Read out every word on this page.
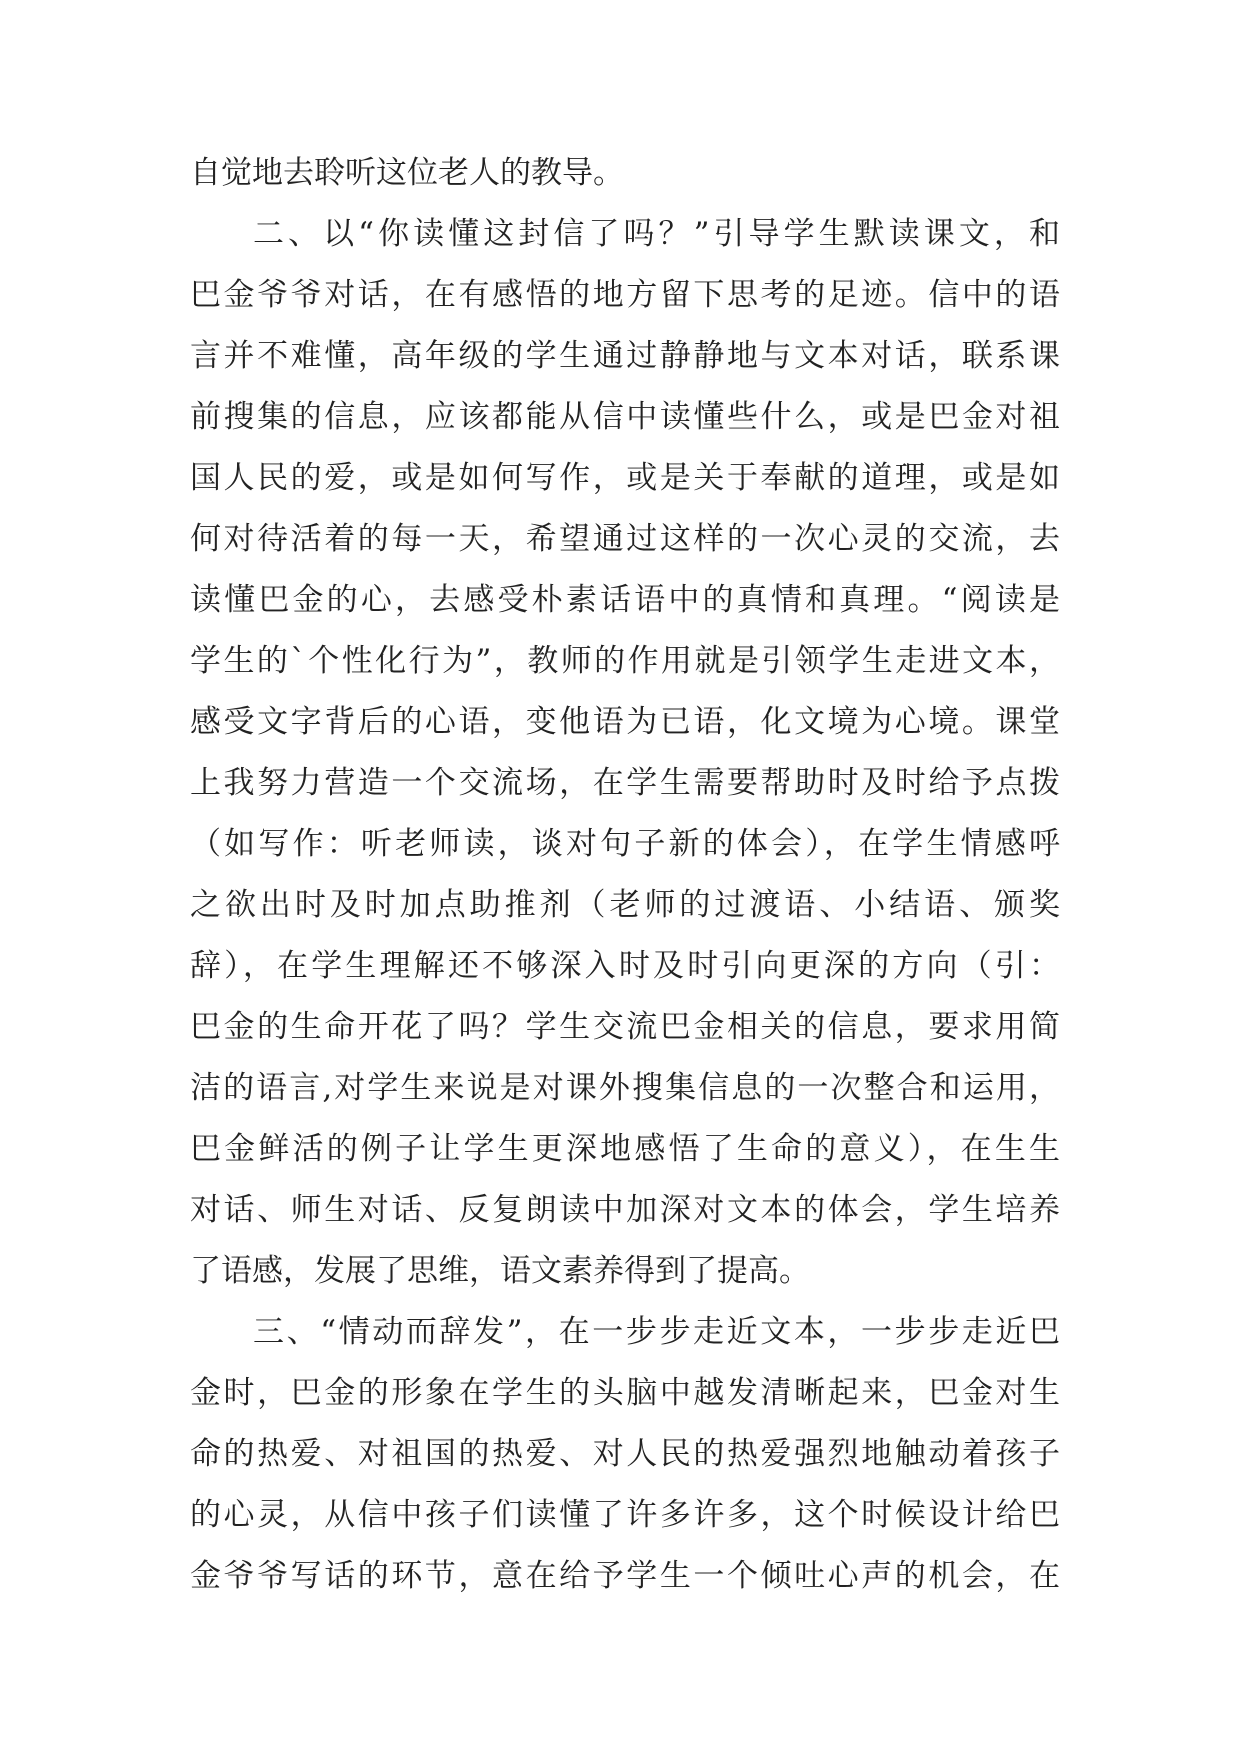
自觉地去聆听这位老人的教导。
二、以“你读懂这封信了吗？”引导学生默读课文，和
巴金爷爷对话，在有感悟的地方留下思考的足迹。信中的语
言并不难懂，高年级的学生通过静静地与文本对话，联系课
前搜集的信息，应该都能从信中读懂些什么，或是巴金对祖
国人民的爱，或是如何写作，或是关于奉献的道理，或是如
何对待活着的每一天，希望通过这样的一次心灵的交流，去
读懂巴金的心，去感受朴素话语中的真情和真理。“阅读是
学生的`个性化行为”，教师的作用就是引领学生走进文本，
感受文字背后的心语，变他语为已语，化文境为心境。课堂
上我努力营造一个交流场，在学生需要帮助时及时给予点拨
（如写作：听老师读，谈对句子新的体会），在学生情感呼
之欲出时及时加点助推剂（老师的过渡语、小结语、颁奖
辞），在学生理解还不够深入时及时引向更深的方向（引：
巴金的生命开花了吗？学生交流巴金相关的信息，要求用简
洁的语言,对学生来说是对课外搜集信息的一次整合和运用，
巴金鲜活的例子让学生更深地感悟了生命的意义），在生生
对话、师生对话、反复朗读中加深对文本的体会，学生培养
了语感，发展了思维，语文素养得到了提高。
三、“情动而辞发”，在一步步走近文本，一步步走近巴
金时，巴金的形象在学生的头脑中越发清晰起来，巴金对生
命的热爱、对祖国的热爱、对人民的热爱强烈地触动着孩子
的心灵，从信中孩子们读懂了许多许多，这个时候设计给巴
金爷爷写话的环节，意在给予学生一个倾吐心声的机会，在
